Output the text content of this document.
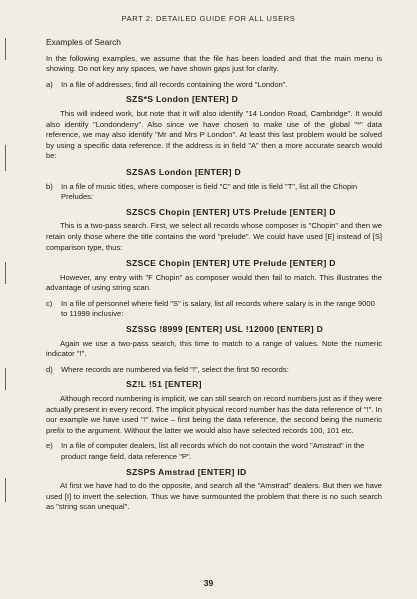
PART 2: DETAILED GUIDE FOR ALL USERS
Examples of Search
In the following examples, we assume that the file has been loaded and that the main menu is showing. Do not key any spaces, we have shown gaps just for clarity.
a)	In a file of addresses, find all records containing the word "London".
SZS*S London [ENTER] D
This will indeed work, but note that it will also identify "14 London Road, Cambridge". It would also identify "Londonderry". Also since we have chosen to make use of the global "*" data reference, we may also identify "Mr and Mrs P London". At least this last problem would be solved by using a specific data reference. If the address is in field "A" then a more accurate search would be:
SZSAS London [ENTER] D
b)	In a file of music titles, where composer is field "C" and title is field "T", list all the Chopin Preludes:
SZSCS Chopin [ENTER] UTS Prelude [ENTER] D
This is a two-pass search. First, we select all records whose composer is "Chopin" and then we retain only those where the title contains the word "prelude". We could have used [E] instead of [S] comparison type, thus:
SZSCE Chopin [ENTER] UTE Prelude [ENTER] D
However, any entry with "F Chopin" as composer would then fail to match. This illustrates the advantage of using string scan.
c)	In a file of personnel where field "S" is salary, list all records where salary is in the range 9000 to 11999 inclusive:
SZSSG !8999 [ENTER] USL !12000 [ENTER] D
Again we use a two-pass search, this time to match to a range of values. Note the numeric indicator "!".
d)	Where records are numbered via field "!", select the first 50 records:
SZ!L !51 [ENTER]
Although record numbering is implicit, we can still search on record numbers just as if they were actually present in every record. The implicit physical record number has the data reference of "!". In our example we have used "!" twice – first being the data reference, the second being the numeric prefix to the argument. Without the latter we would also have selected records 100, 101 etc.
e)	In a file of computer dealers, list all records which do not contain the word "Amstrad" in the product range field, data reference "P".
SZSPS Amstrad [ENTER] ID
At first we have had to do the opposite, and search all the "Amstrad" dealers. But then we have used [I] to invert the selection. Thus we have surmounted the problem that there is no such search as "string scan unequal".
39
